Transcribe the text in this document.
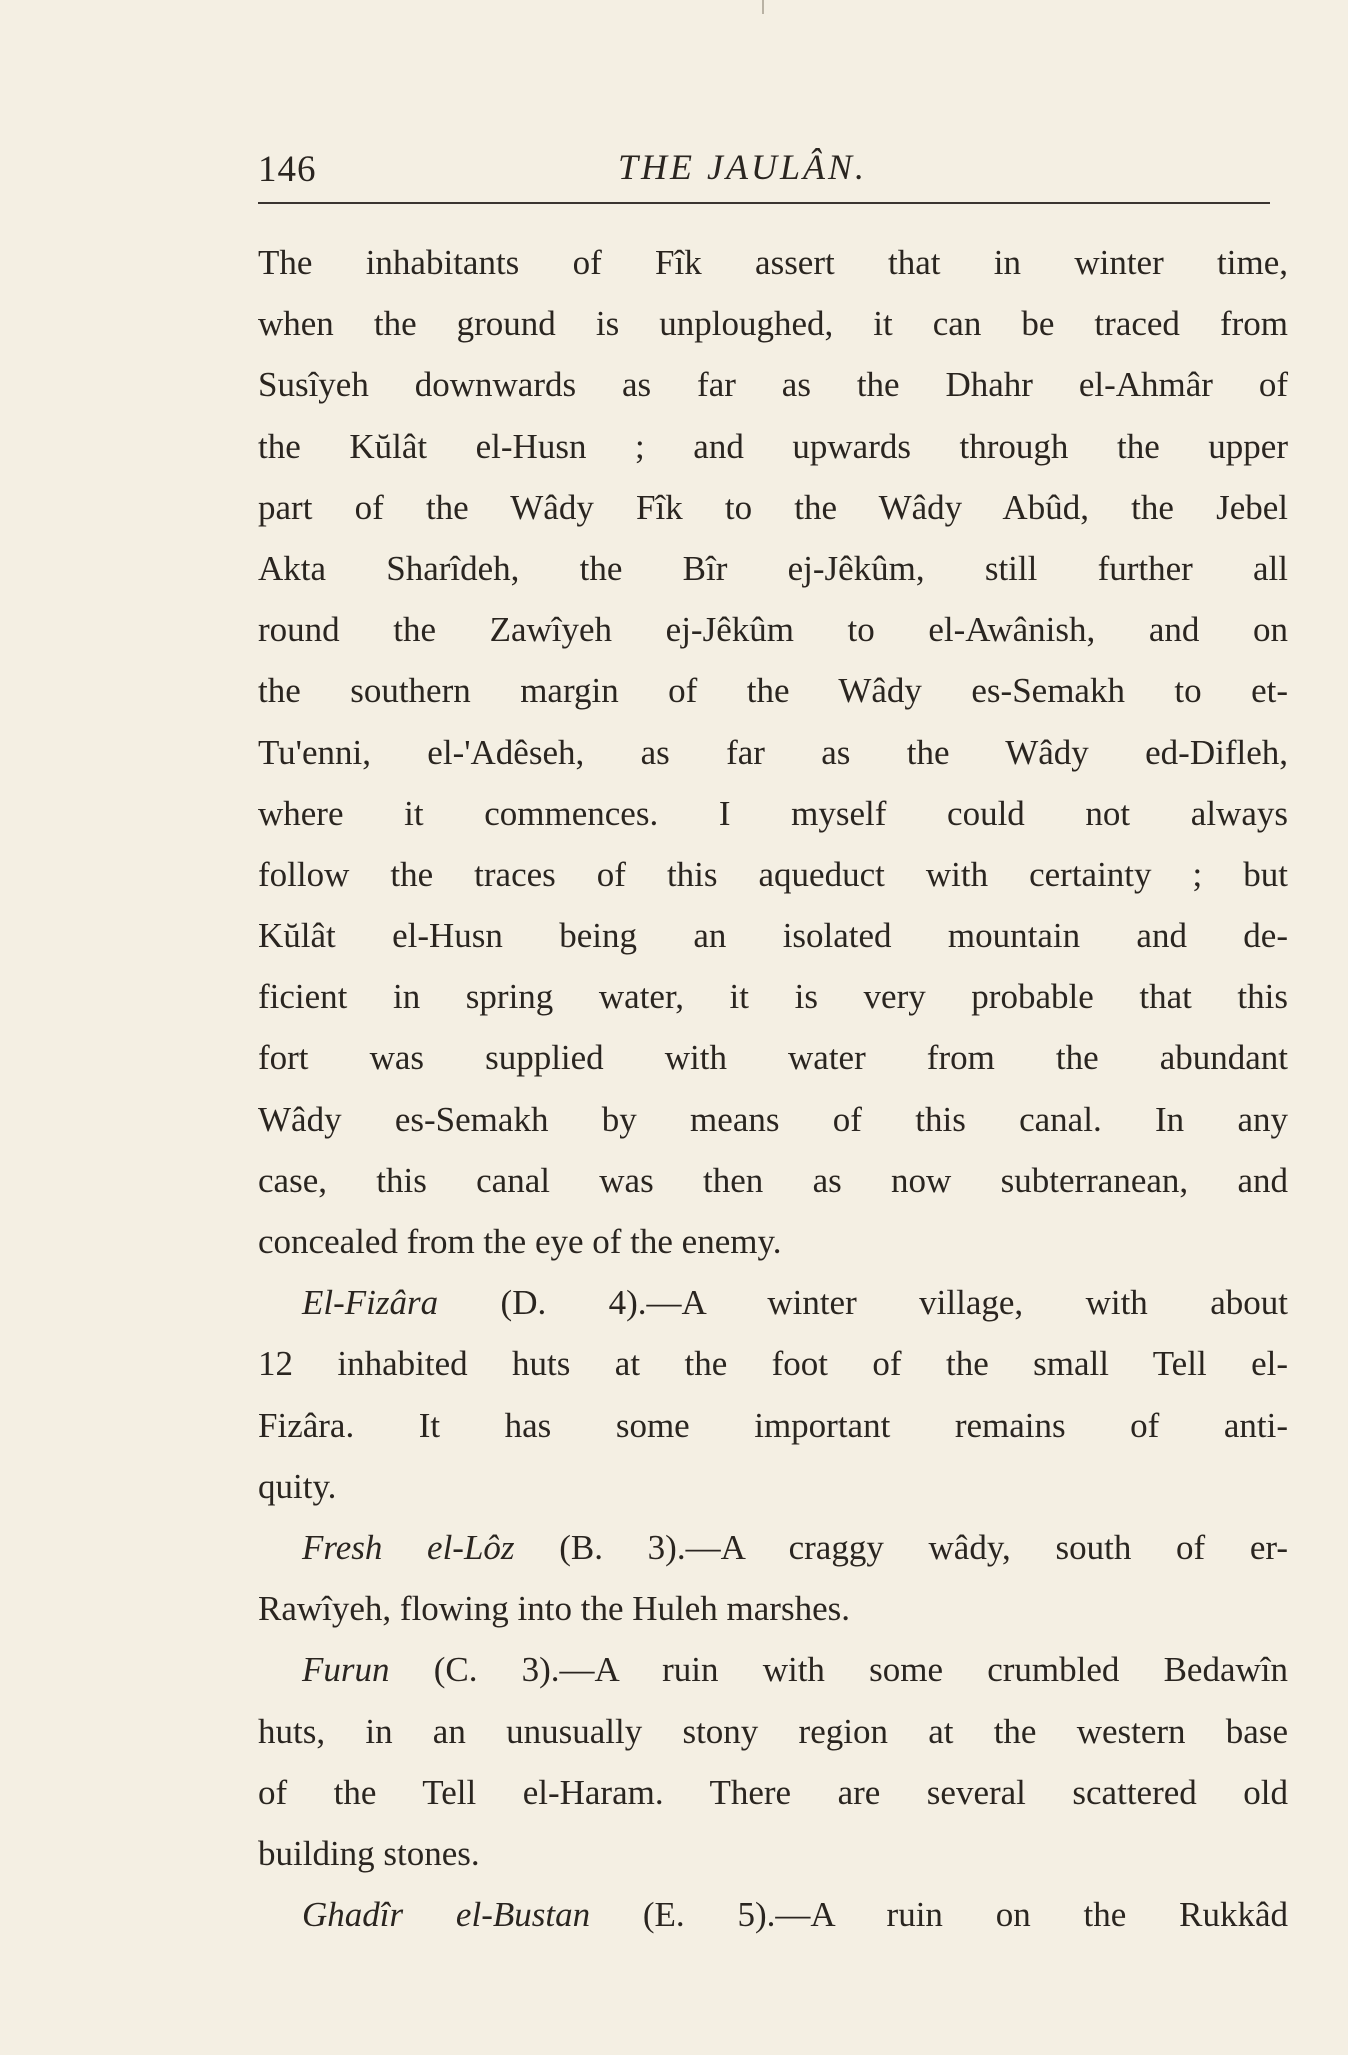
146	THE JAULÂN.
The inhabitants of Fîk assert that in winter time,
when the ground is unploughed, it can be traced from
Susîyeh downwards as far as the Dhahr el-Ahmâr of
the Kŭlât el-Husn ; and upwards through the upper
part of the Wâdy Fîk to the Wâdy Abûd, the Jebel
Akta Sharîdeh, the Bîr ej-Jêkûm, still further all
round the Zawîyeh ej-Jêkûm to el-Awânish, and on
the southern margin of the Wâdy es-Semakh to et-
Tu'enni, el-'Adêseh, as far as the Wâdy ed-Difleh,
where it commences. I myself could not always
follow the traces of this aqueduct with certainty ; but
Kŭlât el-Husn being an isolated mountain and de-
ficient in spring water, it is very probable that this
fort was supplied with water from the abundant
Wâdy es-Semakh by means of this canal. In any
case, this canal was then as now subterranean, and
concealed from the eye of the enemy.
El-Fizâra (D. 4).—A winter village, with about
12 inhabited huts at the foot of the small Tell el-
Fizâra. It has some important remains of anti-
quity.
Fresh el-Lôz (B. 3).—A craggy wâdy, south of er-
Rawîyeh, flowing into the Huleh marshes.
Furun (C. 3).—A ruin with some crumbled Bedawîn
huts, in an unusually stony region at the western base
of the Tell el-Haram. There are several scattered old
building stones.
Ghadîr el-Bustan (E. 5).—A ruin on the Rukkâd
